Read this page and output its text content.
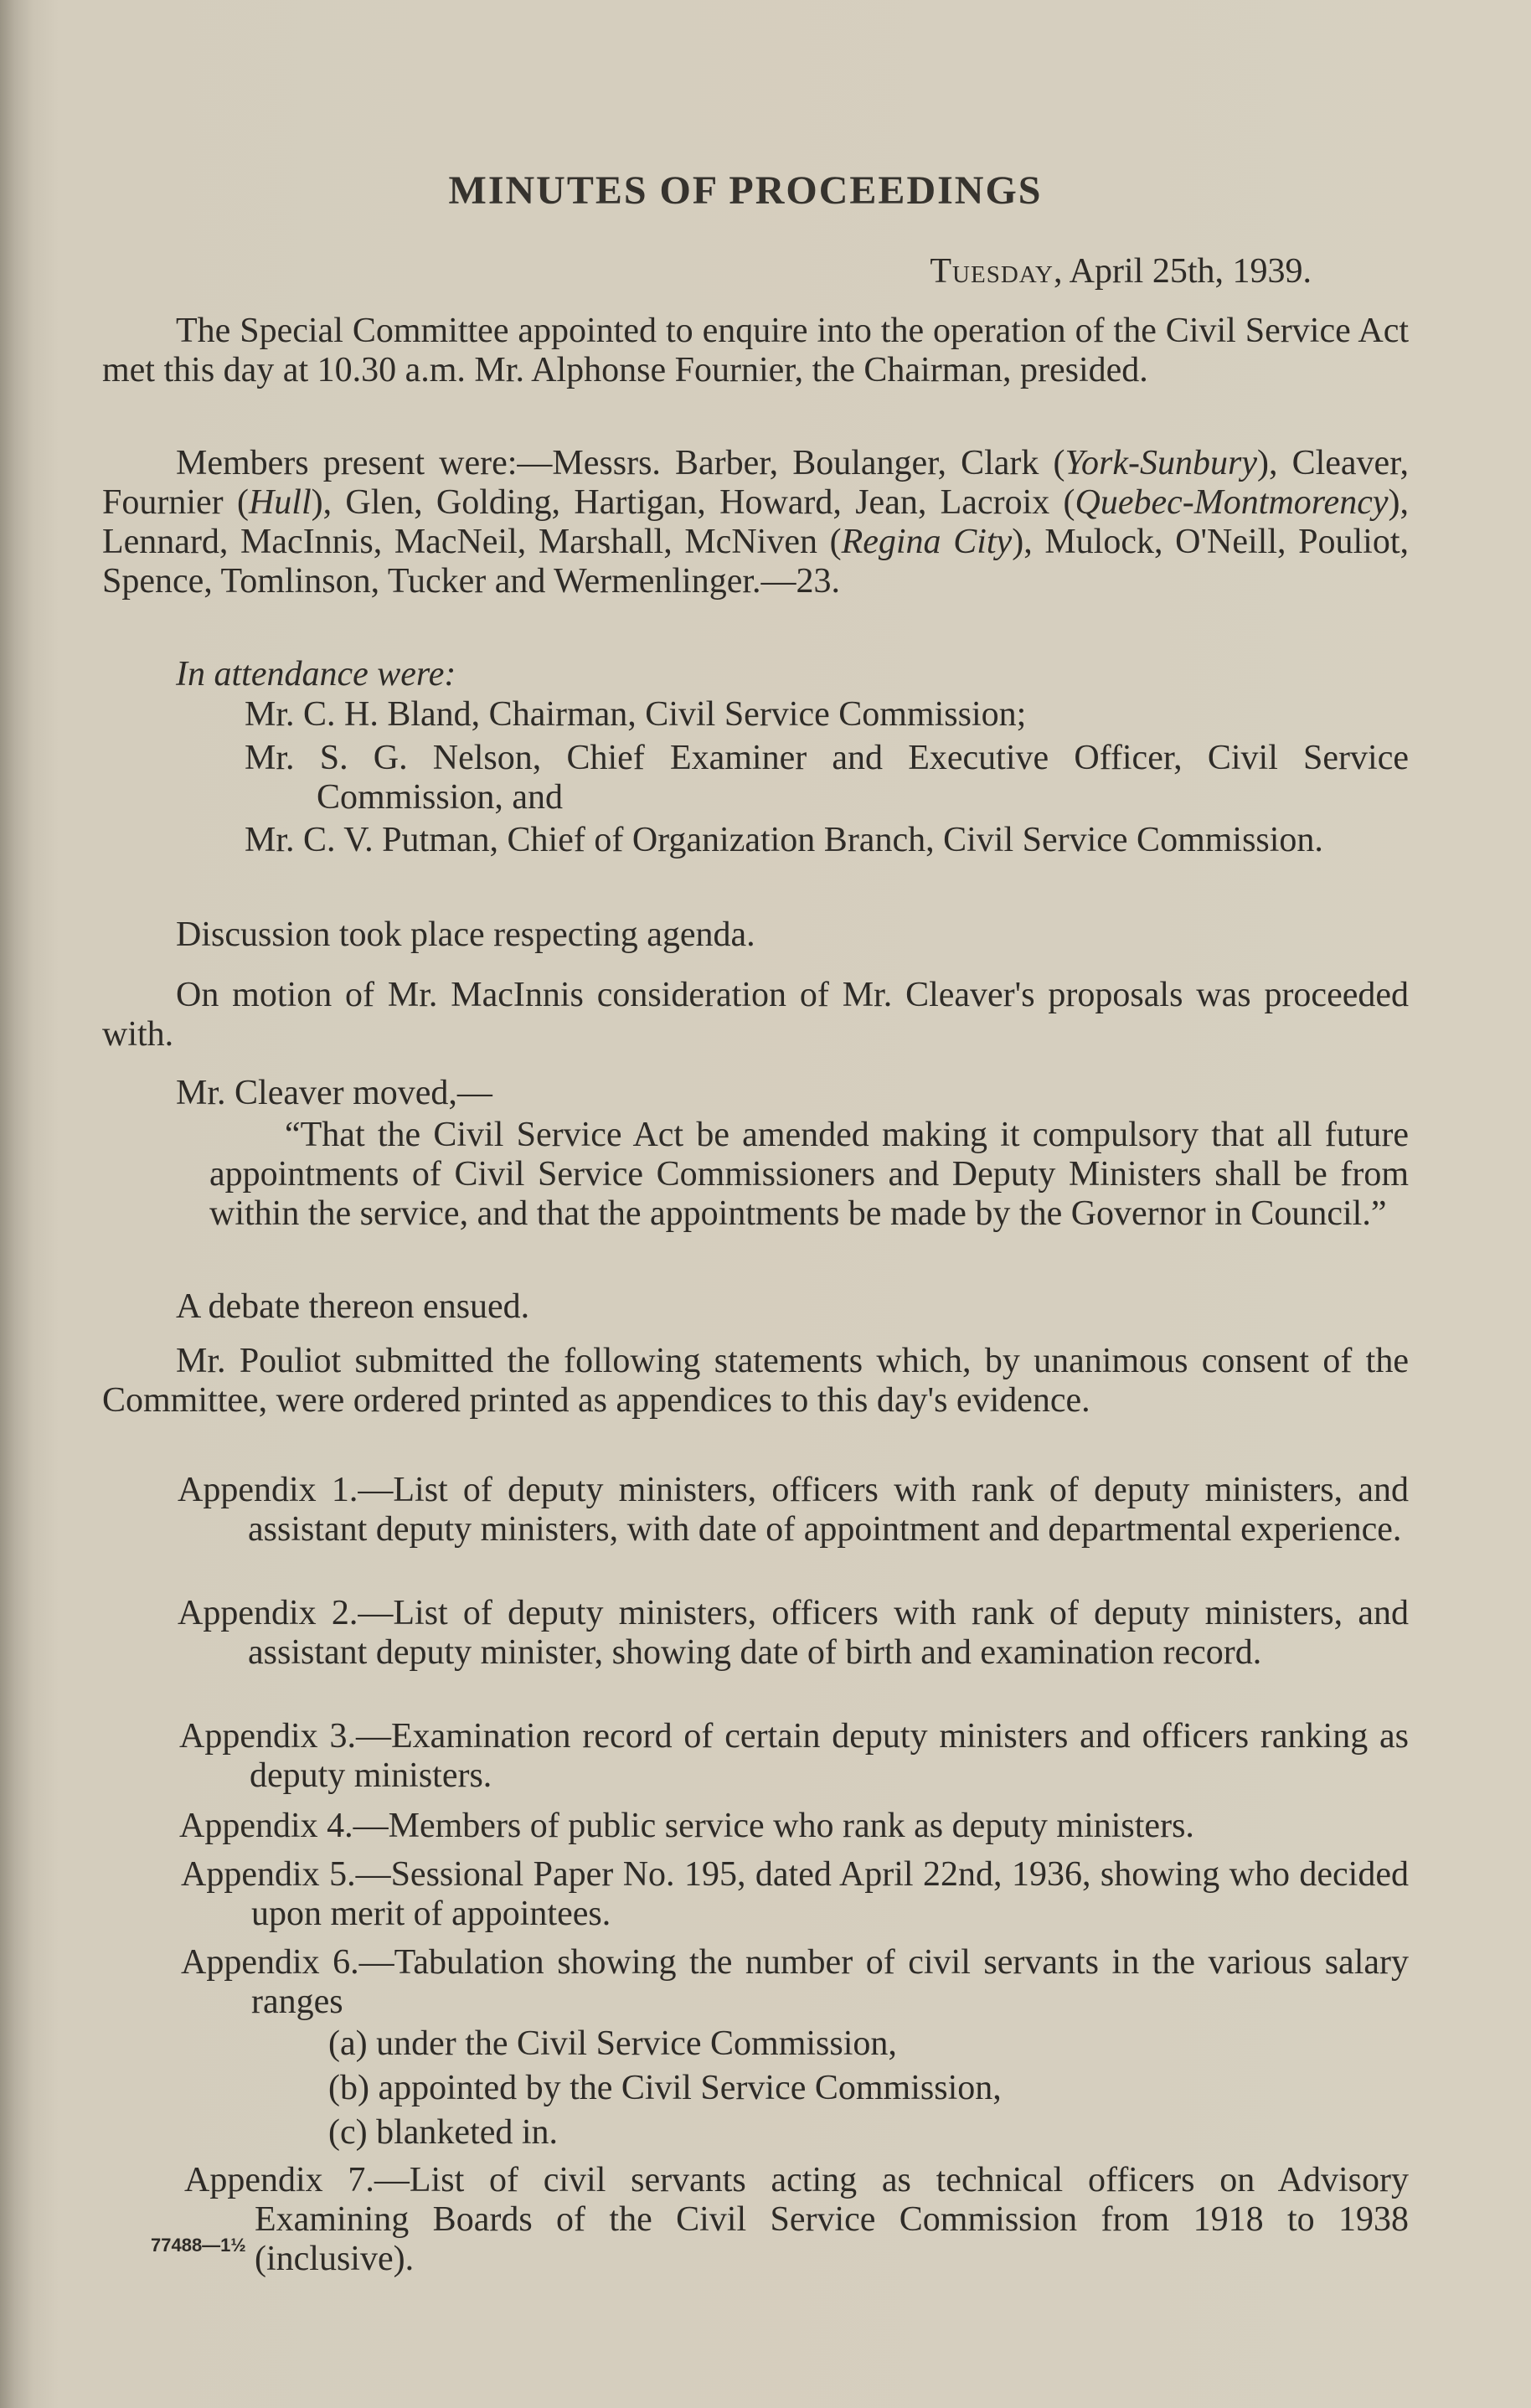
MINUTES OF PROCEEDINGS
Tuesday, April 25th, 1939.

The Special Committee appointed to enquire into the operation of the Civil Service Act met this day at 10.30 a.m. Mr. Alphonse Fournier, the Chairman, presided.

Members present were:—Messrs. Barber, Boulanger, Clark (York-Sunbury), Cleaver, Fournier (Hull), Glen, Golding, Hartigan, Howard, Jean, Lacroix (Quebec-Montmorency), Lennard, MacInnis, MacNeil, Marshall, McNiven (Regina City), Mulock, O'Neill, Pouliot, Spence, Tomlinson, Tucker and Wermenlinger.—23.

In attendance were:

Mr. C. H. Bland, Chairman, Civil Service Commission;

Mr. S. G. Nelson, Chief Examiner and Executive Officer, Civil Service Commission, and

Mr. C. V. Putman, Chief of Organization Branch, Civil Service Commission.

Discussion took place respecting agenda.

On motion of Mr. MacInnis consideration of Mr. Cleaver's proposals was proceeded with.

Mr. Cleaver moved,—

“That the Civil Service Act be amended making it compulsory that all future appointments of Civil Service Commissioners and Deputy Ministers shall be from within the service, and that the appointments be made by the Governor in Council.”

A debate thereon ensued.

Mr. Pouliot submitted the following statements which, by unanimous consent of the Committee, were ordered printed as appendices to this day's evidence.

Appendix 1.—List of deputy ministers, officers with rank of deputy ministers, and assistant deputy ministers, with date of appointment and departmental experience.

Appendix 2.—List of deputy ministers, officers with rank of deputy ministers, and assistant deputy minister, showing date of birth and examination record.

Appendix 3.—Examination record of certain deputy ministers and officers ranking as deputy ministers.

Appendix 4.—Members of public service who rank as deputy ministers.

Appendix 5.—Sessional Paper No. 195, dated April 22nd, 1936, showing who decided upon merit of appointees.

Appendix 6.—Tabulation showing the number of civil servants in the various salary ranges

(a) under the Civil Service Commission,

(b) appointed by the Civil Service Commission,

(c) blanketed in.

Appendix 7.—List of civil servants acting as technical officers on Advisory Examining Boards of the Civil Service Commission from 1918 to 1938 (inclusive).

77488—1½
